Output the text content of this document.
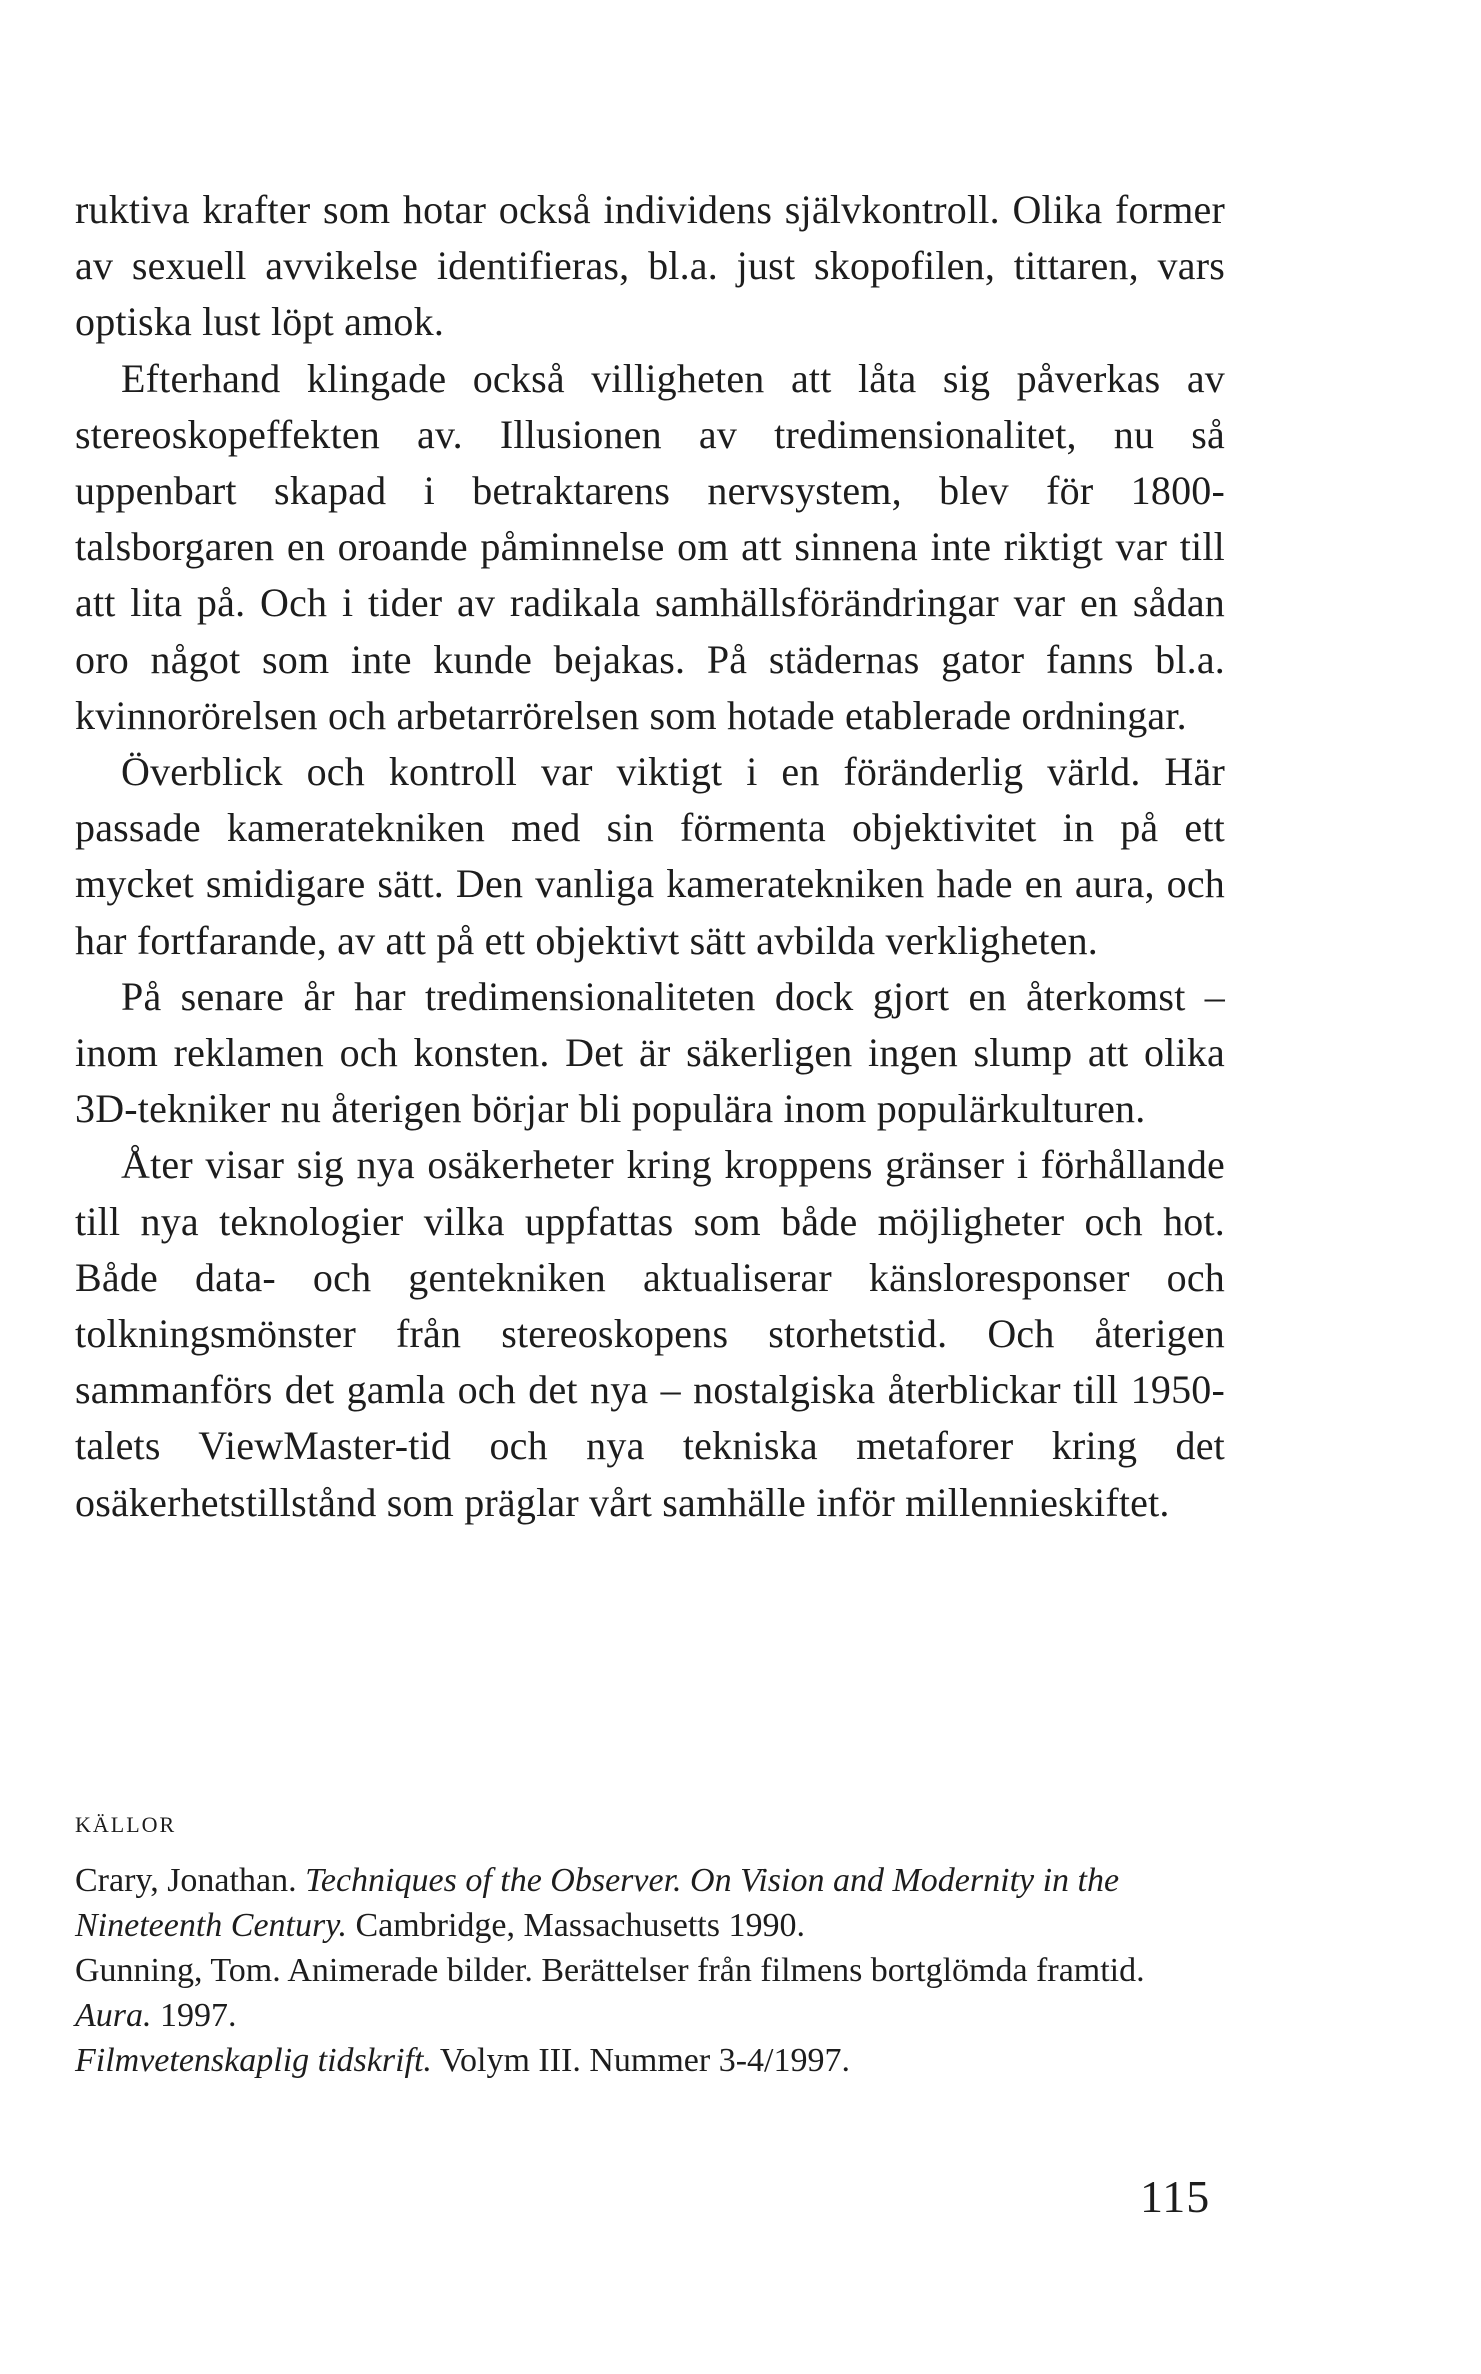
ruktiva krafter som hotar också individens självkontroll. Olika former av sexuell avvikelse identifieras, bl.a. just skopofilen, tittaren, vars optiska lust löpt amok.

Efterhand klingade också villigheten att låta sig påverkas av stereoskopeffekten av. Illusionen av tredimensionalitet, nu så uppenbart skapad i betraktarens nervsystem, blev för 1800-talsborgaren en oroande påminnelse om att sinnena inte riktigt var till att lita på. Och i tider av radikala samhällsförändringar var en sådan oro något som inte kunde bejakas. På städernas gator fanns bl.a. kvinnorörelsen och arbetarrörelsen som hotade etablerade ordningar.

Överblick och kontroll var viktigt i en föränderlig värld. Här passade kameratekniken med sin förmenta objektivitet in på ett mycket smidigare sätt. Den vanliga kameratekniken hade en aura, och har fortfarande, av att på ett objektivt sätt avbilda verkligheten.

På senare år har tredimensionaliteten dock gjort en återkomst – inom reklamen och konsten. Det är säkerligen ingen slump att olika 3D-tekniker nu återigen börjar bli populära inom populärkulturen.

Åter visar sig nya osäkerheter kring kroppens gränser i förhållande till nya teknologier vilka uppfattas som både möjligheter och hot. Både data- och gentekniken aktualiserar känsloresponser och tolkningsmönster från stereoskopens storhetstid. Och återigen sammanförs det gamla och det nya – nostalgiska återblickar till 1950-talets ViewMaster-tid och nya tekniska metaforer kring det osäkerhetstillstånd som präglar vårt samhälle inför millennieskiftet.

KÄLLOR

Crary, Jonathan. Techniques of the Observer. On Vision and Modernity in the Nineteenth Century. Cambridge, Massachusetts 1990.

Gunning, Tom. Animerade bilder. Berättelser från filmens bortglömda framtid. Aura. 1997.

Filmvetenskaplig tidskrift. Volym III. Nummer 3-4/1997.

115
